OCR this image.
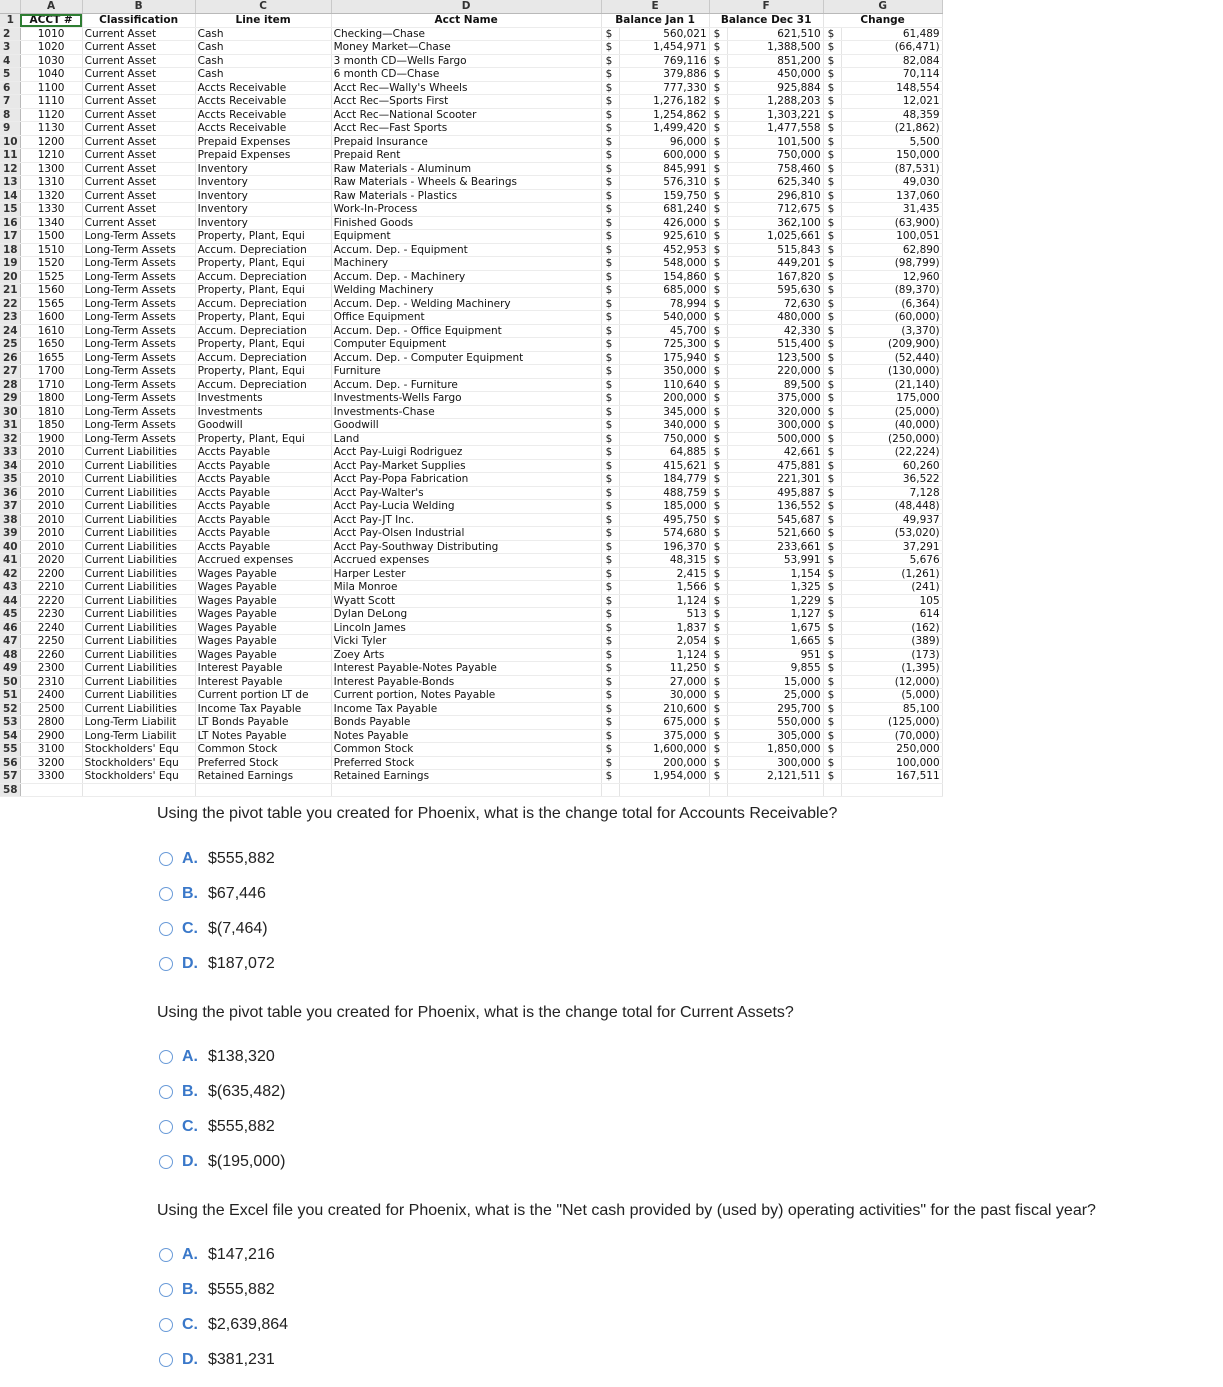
	A	B	C	D	E		F		G	
1	ACCT #	Classification	Line item	Acct Name	Balance Jan 1		Balance Dec 31		Change	
2	1010	Current Asset	Cash	Checking—Chase	$	560,021	$	621,510	$	61,489
3	1020	Current Asset	Cash	Money Market—Chase	$	1,454,971	$	1,388,500	$	(66,471)
4	1030	Current Asset	Cash	3 month CD—Wells Fargo	$	769,116	$	851,200	$	82,084
5	1040	Current Asset	Cash	6 month CD—Chase	$	379,886	$	450,000	$	70,114
6	1100	Current Asset	Accts Receivable	Acct Rec—Wally's Wheels	$	777,330	$	925,884	$	148,554
7	1110	Current Asset	Accts Receivable	Acct Rec—Sports First	$	1,276,182	$	1,288,203	$	12,021
8	1120	Current Asset	Accts Receivable	Acct Rec—National Scooter	$	1,254,862	$	1,303,221	$	48,359
9	1130	Current Asset	Accts Receivable	Acct Rec—Fast Sports	$	1,499,420	$	1,477,558	$	(21,862)
10	1200	Current Asset	Prepaid Expenses	Prepaid Insurance	$	96,000	$	101,500	$	5,500
11	1210	Current Asset	Prepaid Expenses	Prepaid Rent	$	600,000	$	750,000	$	150,000
12	1300	Current Asset	Inventory	Raw Materials - Aluminum	$	845,991	$	758,460	$	(87,531)
13	1310	Current Asset	Inventory	Raw Materials - Wheels & Bearings	$	576,310	$	625,340	$	49,030
14	1320	Current Asset	Inventory	Raw Materials - Plastics	$	159,750	$	296,810	$	137,060
15	1330	Current Asset	Inventory	Work-In-Process	$	681,240	$	712,675	$	31,435
16	1340	Current Asset	Inventory	Finished Goods	$	426,000	$	362,100	$	(63,900)
17	1500	Long-Term Assets	Property, Plant, Equi	Equipment	$	925,610	$	1,025,661	$	100,051
18	1510	Long-Term Assets	Accum. Depreciation	Accum. Dep. - Equipment	$	452,953	$	515,843	$	62,890
19	1520	Long-Term Assets	Property, Plant, Equi	Machinery	$	548,000	$	449,201	$	(98,799)
20	1525	Long-Term Assets	Accum. Depreciation	Accum. Dep. - Machinery	$	154,860	$	167,820	$	12,960
21	1560	Long-Term Assets	Property, Plant, Equi	Welding Machinery	$	685,000	$	595,630	$	(89,370)
22	1565	Long-Term Assets	Accum. Depreciation	Accum. Dep. - Welding Machinery	$	78,994	$	72,630	$	(6,364)
23	1600	Long-Term Assets	Property, Plant, Equi	Office Equipment	$	540,000	$	480,000	$	(60,000)
24	1610	Long-Term Assets	Accum. Depreciation	Accum. Dep. - Office Equipment	$	45,700	$	42,330	$	(3,370)
25	1650	Long-Term Assets	Property, Plant, Equi	Computer Equipment	$	725,300	$	515,400	$	(209,900)
26	1655	Long-Term Assets	Accum. Depreciation	Accum. Dep. - Computer Equipment	$	175,940	$	123,500	$	(52,440)
27	1700	Long-Term Assets	Property, Plant, Equi	Furniture	$	350,000	$	220,000	$	(130,000)
28	1710	Long-Term Assets	Accum. Depreciation	Accum. Dep. - Furniture	$	110,640	$	89,500	$	(21,140)
29	1800	Long-Term Assets	Investments	Investments-Wells Fargo	$	200,000	$	375,000	$	175,000
30	1810	Long-Term Assets	Investments	Investments-Chase	$	345,000	$	320,000	$	(25,000)
31	1850	Long-Term Assets	Goodwill	Goodwill	$	340,000	$	300,000	$	(40,000)
32	1900	Long-Term Assets	Property, Plant, Equi	Land	$	750,000	$	500,000	$	(250,000)
33	2010	Current Liabilities	Accts Payable	Acct Pay-Luigi Rodriguez	$	64,885	$	42,661	$	(22,224)
34	2010	Current Liabilities	Accts Payable	Acct Pay-Market Supplies	$	415,621	$	475,881	$	60,260
35	2010	Current Liabilities	Accts Payable	Acct Pay-Popa Fabrication	$	184,779	$	221,301	$	36,522
36	2010	Current Liabilities	Accts Payable	Acct Pay-Walter's	$	488,759	$	495,887	$	7,128
37	2010	Current Liabilities	Accts Payable	Acct Pay-Lucia Welding	$	185,000	$	136,552	$	(48,448)
38	2010	Current Liabilities	Accts Payable	Acct Pay-JT Inc.	$	495,750	$	545,687	$	49,937
39	2010	Current Liabilities	Accts Payable	Acct Pay-Olsen Industrial	$	574,680	$	521,660	$	(53,020)
40	2010	Current Liabilities	Accts Payable	Acct Pay-Southway Distributing	$	196,370	$	233,661	$	37,291
41	2020	Current Liabilities	Accrued expenses	Accrued expenses	$	48,315	$	53,991	$	5,676
42	2200	Current Liabilities	Wages Payable	Harper Lester	$	2,415	$	1,154	$	(1,261)
43	2210	Current Liabilities	Wages Payable	Mila Monroe	$	1,566	$	1,325	$	(241)
44	2220	Current Liabilities	Wages Payable	Wyatt Scott	$	1,124	$	1,229	$	105
45	2230	Current Liabilities	Wages Payable	Dylan DeLong	$	513	$	1,127	$	614
46	2240	Current Liabilities	Wages Payable	Lincoln James	$	1,837	$	1,675	$	(162)
47	2250	Current Liabilities	Wages Payable	Vicki Tyler	$	2,054	$	1,665	$	(389)
48	2260	Current Liabilities	Wages Payable	Zoey Arts	$	1,124	$	951	$	(173)
49	2300	Current Liabilities	Interest Payable	Interest Payable-Notes Payable	$	11,250	$	9,855	$	(1,395)
50	2310	Current Liabilities	Interest Payable	Interest Payable-Bonds	$	27,000	$	15,000	$	(12,000)
51	2400	Current Liabilities	Current portion LT de	Current portion, Notes Payable	$	30,000	$	25,000	$	(5,000)
52	2500	Current Liabilities	Income Tax Payable	Income Tax Payable	$	210,600	$	295,700	$	85,100
53	2800	Long-Term Liabilit	LT Bonds Payable	Bonds Payable	$	675,000	$	550,000	$	(125,000)
54	2900	Long-Term Liabilit	LT Notes Payable	Notes Payable	$	375,000	$	305,000	$	(70,000)
55	3100	Stockholders' Equ	Common Stock	Common Stock	$	1,600,000	$	1,850,000	$	250,000
56	3200	Stockholders' Equ	Preferred Stock	Preferred Stock	$	200,000	$	300,000	$	100,000
57	3300	Stockholders' Equ	Retained Earnings	Retained Earnings	$	1,954,000	$	2,121,511	$	167,511
58										
Using the pivot table you created for Phoenix, what is the change total for Accounts Receivable?
A. $555,882
B. $67,446
C. $(7,464)
D. $187,072
Using the pivot table you created for Phoenix, what is the change total for Current Assets?
A. $138,320
B. $(635,482)
C. $555,882
D. $(195,000)
Using the Excel file you created for Phoenix, what is the "Net cash provided by (used by) operating activities" for the past fiscal year?
A. $147,216
B. $555,882
C. $2,639,864
D. $381,231
